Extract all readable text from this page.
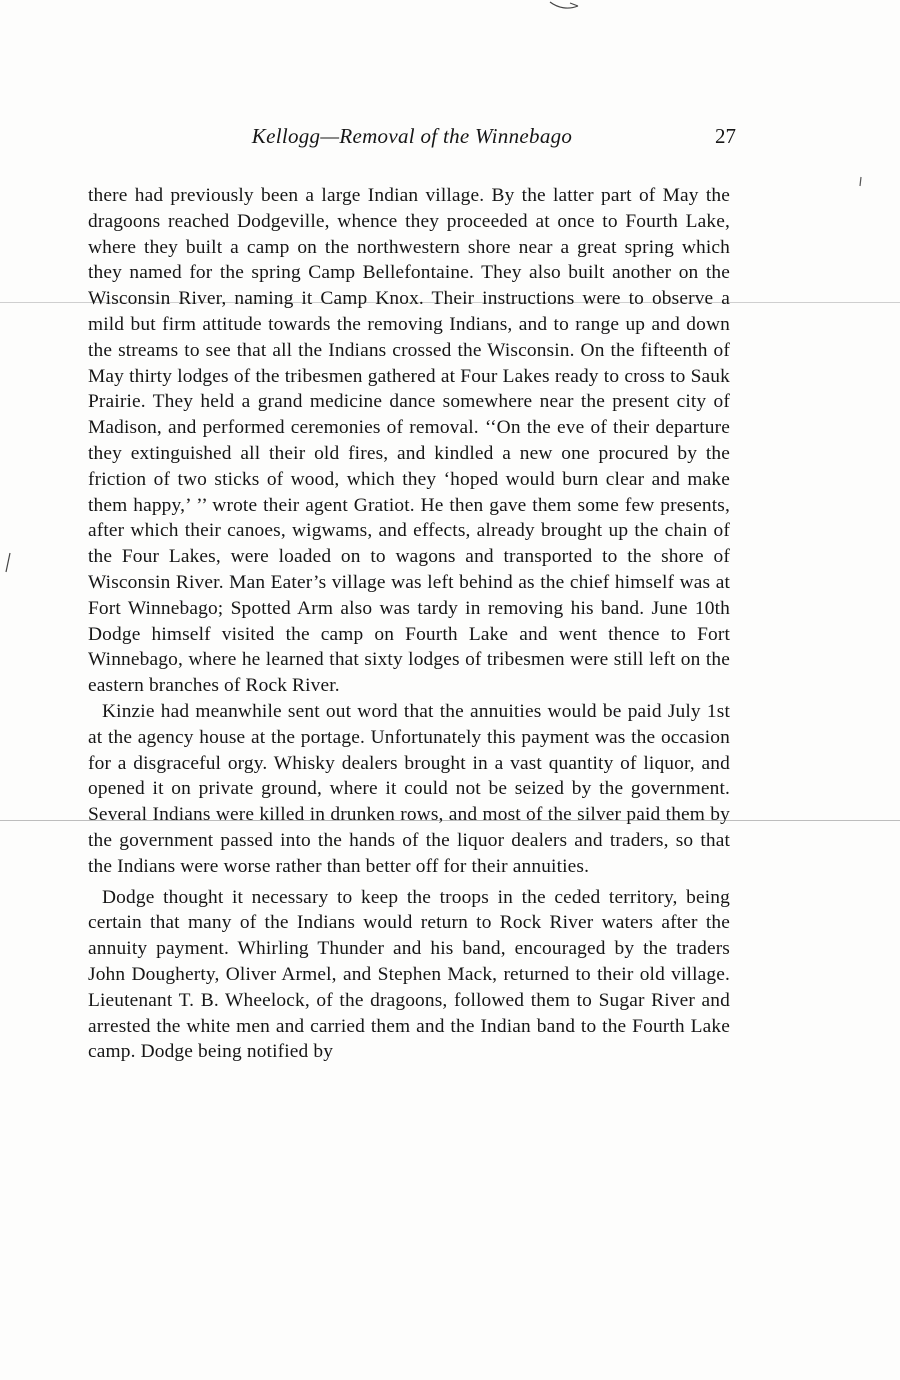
Kellogg—Removal of the Winnebago	27

there had previously been a large Indian village. By the latter part of May the dragoons reached Dodgeville, whence they proceeded at once to Fourth Lake, where they built a camp on the northwestern shore near a great spring which they named for the spring Camp Bellefontaine. They also built another on the Wisconsin River, naming it Camp Knox. Their instructions were to observe a mild but firm attitude towards the removing Indians, and to range up and down the streams to see that all the Indians crossed the Wisconsin. On the fifteenth of May thirty lodges of the tribesmen gathered at Four Lakes ready to cross to Sauk Prairie. They held a grand medicine dance somewhere near the present city of Madison, and performed ceremonies of removal. ‘‘On the eve of their departure they extinguished all their old fires, and kindled a new one procured by the friction of two sticks of wood, which they ‘hoped would burn clear and make them happy,’ ’’ wrote their agent Gratiot. He then gave them some few presents, after which their canoes, wigwams, and effects, already brought up the chain of the Four Lakes, were loaded on to wagons and transported to the shore of Wisconsin River. Man Eater’s village was left behind as the chief himself was at Fort Winnebago; Spotted Arm also was tardy in removing his band. June 10th Dodge himself visited the camp on Fourth Lake and went thence to Fort Winnebago, where he learned that sixty lodges of tribesmen were still left on the eastern branches of Rock River.

Kinzie had meanwhile sent out word that the annuities would be paid July 1st at the agency house at the portage. Unfortunately this payment was the occasion for a disgraceful orgy. Whisky dealers brought in a vast quantity of liquor, and opened it on private ground, where it could not be seized by the government. Several Indians were killed in drunken rows, and most of the silver paid them by the government passed into the hands of the liquor dealers and traders, so that the Indians were worse rather than better off for their annuities.

Dodge thought it necessary to keep the troops in the ceded territory, being certain that many of the Indians would return to Rock River waters after the annuity payment. Whirling Thunder and his band, encouraged by the traders John Dougherty, Oliver Armel, and Stephen Mack, returned to their old village. Lieutenant T. B. Wheelock, of the dragoons, followed them to Sugar River and arrested the white men and carried them and the Indian band to the Fourth Lake camp. Dodge being notified by
